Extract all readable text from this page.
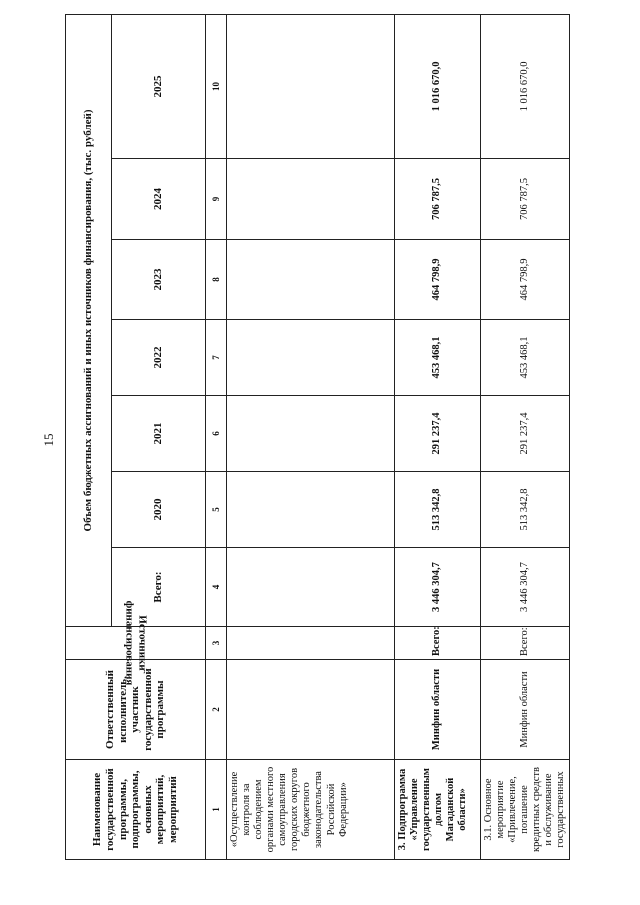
15
Наименование государственной программы, подпрограммы, основных мероприятий, мероприятий	Ответственный исполнитель, участник государственной программы	Источники финансирования	Объем бюджетных ассигнований и иных источников финансирования, (тыс. рублей)						
			Всего:	2020	2021	2022	2023	2024	2025
1	2	3	4	5	6	7	8	9	10
«Осуществление контроля за соблюдением органами местного самоуправления городских округов бюджетного законодательства Российской Федерации»									
3. Подпрограмма «Управление государственным долгом Магаданской области»	Минфин области	Всего:	3 446 304,7	513 342,8	291 237,4	453 468,1	464 798,9	706 787,5	1 016 670,0
3.1. Основное мероприятие «Привлечение, погашение кредитных средств и обслуживание государственных	Минфин области	Всего:	3 446 304,7	513 342,8	291 237,4	453 468,1	464 798,9	706 787,5	1 016 670,0
